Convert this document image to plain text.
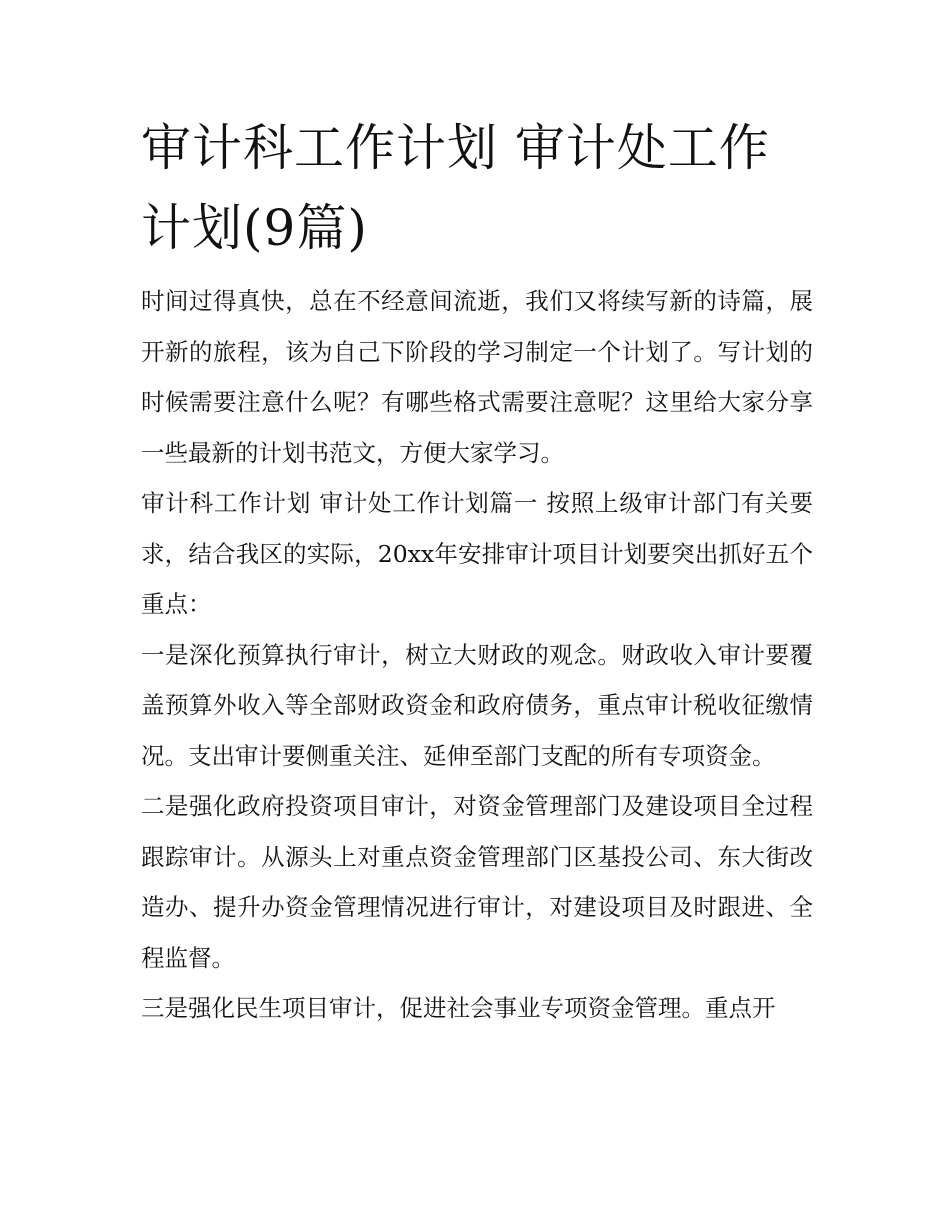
审计科工作计划 审计处工作计划(9篇)

时间过得真快，总在不经意间流逝，我们又将续写新的诗篇，展开新的旅程，该为自己下阶段的学习制定一个计划了。写计划的时候需要注意什么呢？有哪些格式需要注意呢？这里给大家分享一些最新的计划书范文，方便大家学习。

审计科工作计划 审计处工作计划篇一 按照上级审计部门有关要求，结合我区的实际，20xx年安排审计项目计划要突出抓好五个重点：

一是深化预算执行审计，树立大财政的观念。财政收入审计要覆盖预算外收入等全部财政资金和政府债务，重点审计税收征缴情况。支出审计要侧重关注、延伸至部门支配的所有专项资金。

二是强化政府投资项目审计，对资金管理部门及建设项目全过程跟踪审计。从源头上对重点资金管理部门区基投公司、东大街改造办、提升办资金管理情况进行审计，对建设项目及时跟进、全程监督。

三是强化民生项目审计，促进社会事业专项资金管理。重点开
